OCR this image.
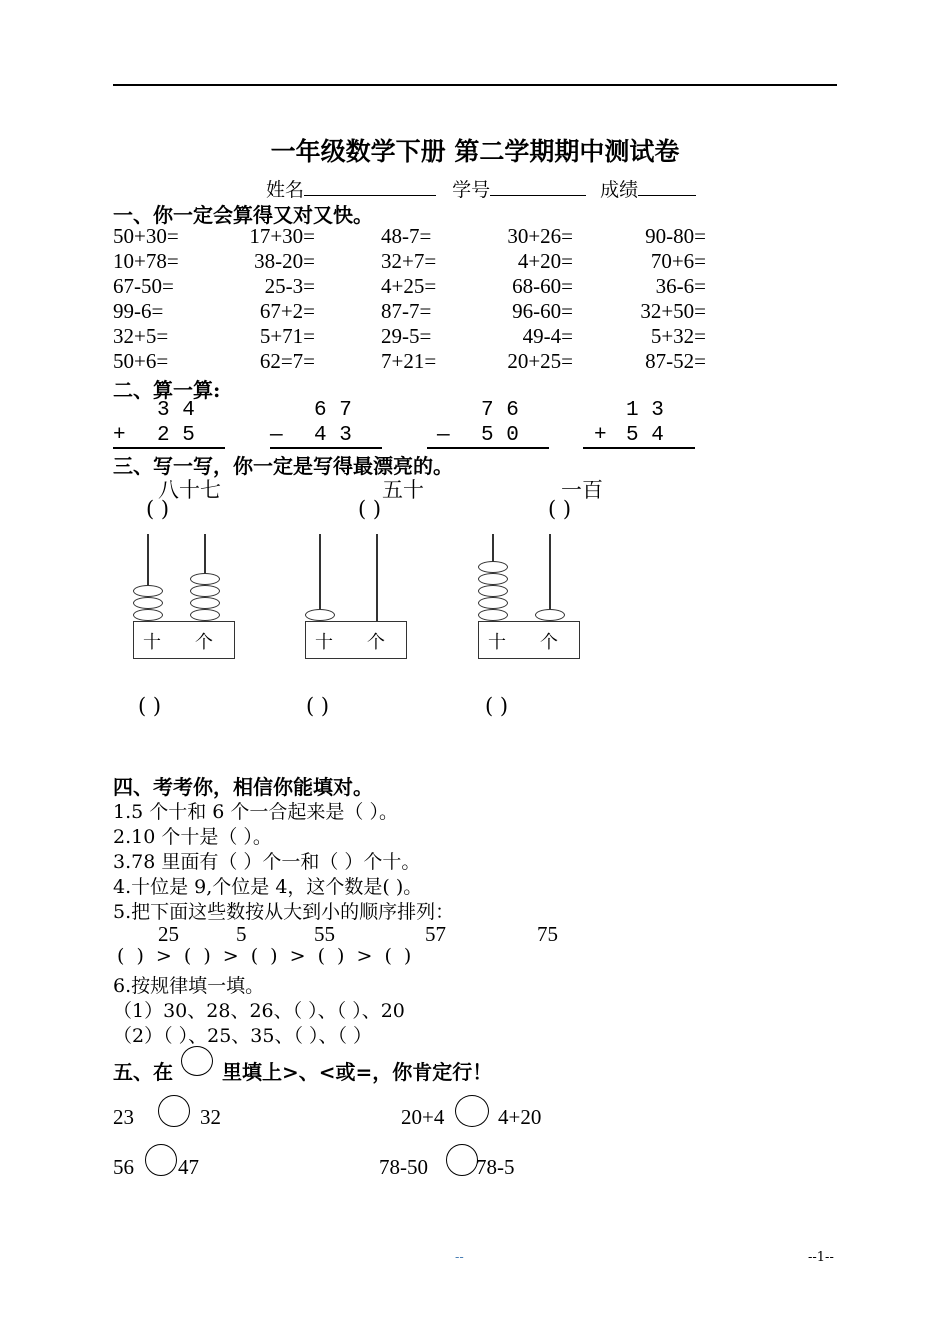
一年级数学下册 第二学期期中测试卷
姓名	学号	成绩
一、你一定会算得又对又快。
50+30=	17+30=	48-7=	30+26=	90-80=
10+78=	38-20=	32+7=	4+20=	70+6=
67-50=	25-3=	4+25=	68-60=	36-6=
99-6=	67+2=	87-7=	96-60=	32+50=
32+5=	5+71=	29-5=	49-4=	5+32=
50+6=	62=7=	7+21=	20+25=	87-52=
二、算一算:
3 4
+ 2 5
6 7
— 4 3
7 6
— 5 0
1 3
+ 5 4
三、写一写，你一定是写得最漂亮的。
八十七	五十	一百
( )	( )	( )
十 个	十 个	十 个
( )	( )	( )
四、考考你，相信你能填对。
1.5 个十和 6 个一合起来是（ ）。
2.10 个十是（ ）。
3.78 里面有（ ）个一和（ ）个十。
4.十位是 9,个位是 4，这个数是( )。
5.把下面这些数按从大到小的顺序排列：
25	5	55	57	75
( ) > ( ) > ( ) > ( ) > ( )
6.按规律填一填。
（1）30、28、26、（ ）、（ ）、20
（2）（ ）、25、35、（ ）、（ ）
五、在 里填上>、<或=，你肯定行！
23	32	20+4	4+20
56 47	78-50 78-5
--	--1--
